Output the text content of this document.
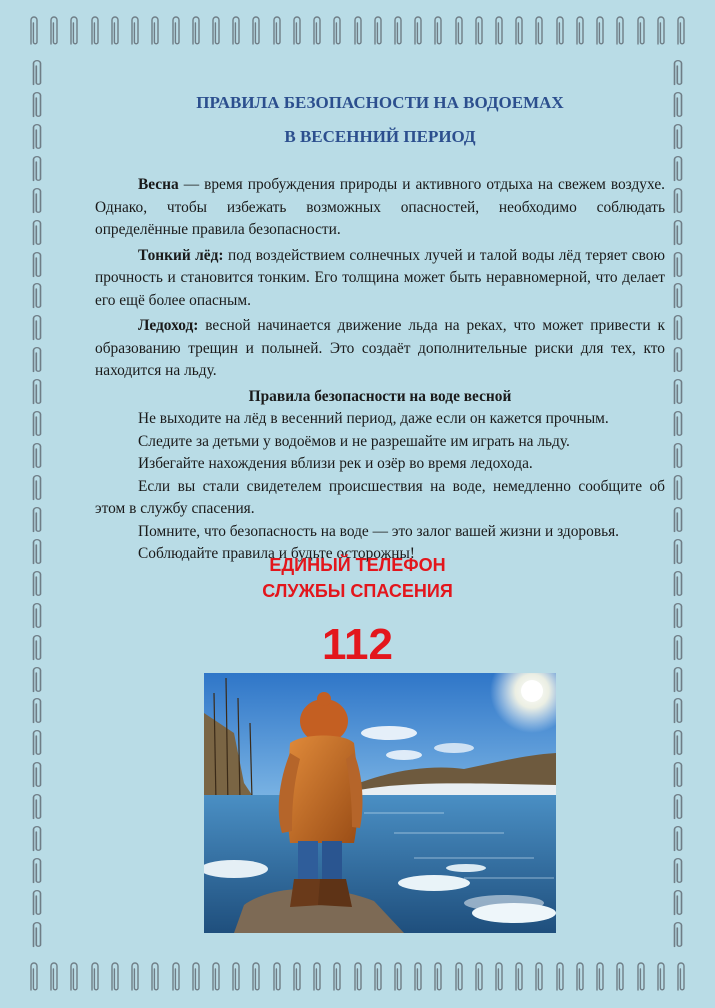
ПРАВИЛА БЕЗОПАСНОСТИ НА ВОДОЕМАХ
В ВЕСЕННИЙ ПЕРИОД

Весна — время пробуждения природы и активного отдыха на свежем воздухе. Однако, чтобы избежать возможных опасностей, необходимо соблюдать определённые правила безопасности.

Тонкий лёд: под воздействием солнечных лучей и талой воды лёд теряет свою прочность и становится тонким. Его толщина может быть неравномерной, что делает его ещё более опасным.

Ледоход: весной начинается движение льда на реках, что может привести к образованию трещин и полыней. Это создаёт дополнительные риски для тех, кто находится на льду.

Правила безопасности на воде весной

Не выходите на лёд в весенний период, даже если он кажется прочным.

Следите за детьми у водоёмов и не разрешайте им играть на льду.

Избегайте нахождения вблизи рек и озёр во время ледохода.

Если вы стали свидетелем происшествия на воде, немедленно сообщите об этом в службу спасения.

Помните, что безопасность на воде — это залог вашей жизни и здоровья.

Соблюдайте правила и будьте осторожны!

ЕДИНЫЙ ТЕЛЕФОН
СЛУЖБЫ СПАСЕНИЯ
112
